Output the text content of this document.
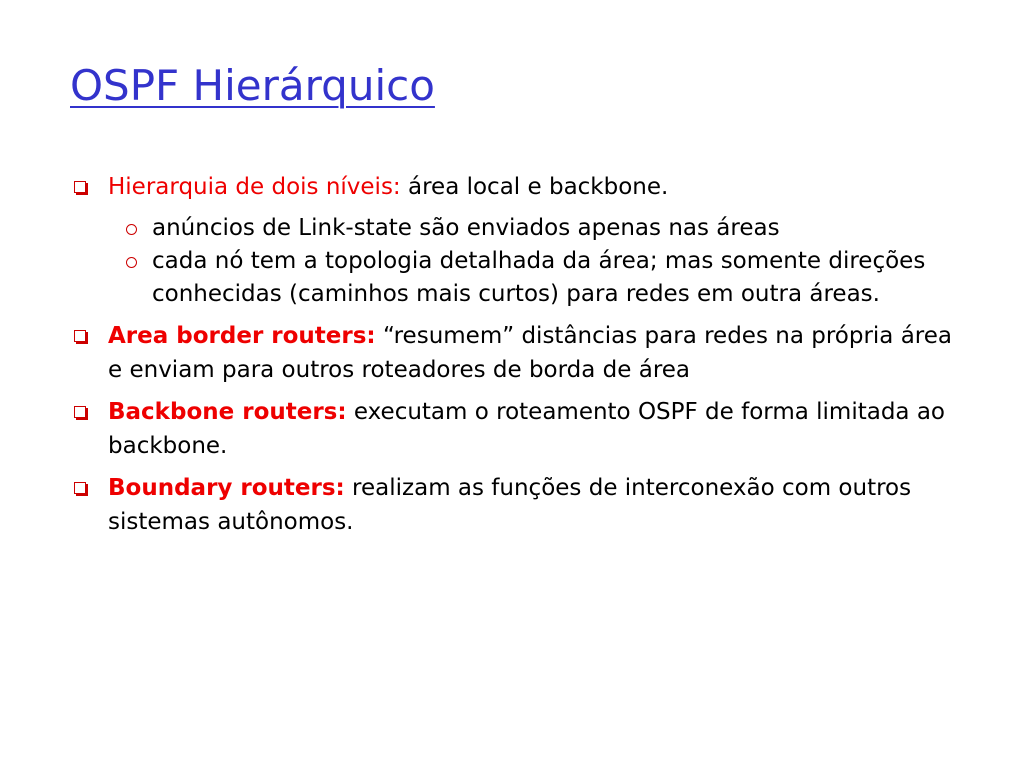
OSPF Hierárquico
Hierarquia de dois níveis: área local e backbone.
anúncios de Link-state são enviados apenas nas áreas
cada nó tem a topologia detalhada da área; mas somente direções conhecidas (caminhos mais curtos) para redes em outra áreas.
Area border routers: “resumem” distâncias para redes na própria área e enviam para outros roteadores de borda de área
Backbone routers: executam o roteamento OSPF de forma limitada ao backbone.
Boundary routers: realizam as funções de interconexão com outros sistemas autônomos.
